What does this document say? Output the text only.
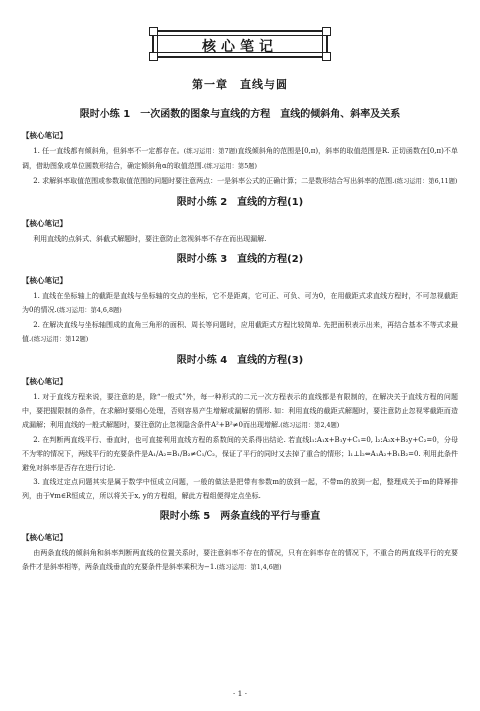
核心笔记
第一章　直线与圆
限时小练 1　一次函数的图象与直线的方程　直线的倾斜角、斜率及关系
【核心笔记】

1. 任一直线都有倾斜角，但斜率不一定都存在。(练习运用：第7题)直线倾斜角的范围是[0,π)，斜率的取值范围是R. 正切函数在[0,π)不单调，借助图象或单位圆数形结合，确定倾斜角α的取值范围.(练习运用：第5题)

2. 求解斜率取值范围或参数取值范围的问题时要注意两点：一是斜率公式的正确计算；二是数形结合写出斜率的范围.(练习运用：第6,11题)

限时小练 2　直线的方程(1)
【核心笔记】

利用直线的点斜式、斜截式解题时，要注意防止忽视斜率不存在而出现漏解.

限时小练 3　直线的方程(2)
【核心笔记】

1. 直线在坐标轴上的截距是直线与坐标轴的交点的坐标，它不是距离，它可正、可负、可为0，在用截距式求直线方程时，不可忽视截距为0的情况.(练习运用：第4,6,8题)

2. 在解决直线与坐标轴围成的直角三角形的面积、周长等问题时，应用截距式方程比较简单. 先把面积表示出来，再结合基本不等式求最值.(练习运用：第12题)

限时小练 4　直线的方程(3)
【核心笔记】

1. 对于直线方程来说，要注意的是，除“一般式”外，每一种形式的二元一次方程表示的直线都是有限制的，在解决关于直线方程的问题中，要把握限制的条件，在求解时要细心处理，否则容易产生增解或漏解的情形. 如：利用直线的截距式解题时，要注意防止忽视零截距而造成漏解；利用直线的一般式解题时，要注意防止忽视隐含条件A²+B²≠0而出现增解.(练习运用：第2,4题)

2. 在判断两直线平行、垂直时，也可直接利用直线方程的系数间的关系得出结论. 若直线l₁:A₁x+B₁y+C₁=0, l₂:A₂x+B₂y+C₂=0，分母不为零的情况下，两线平行的充要条件是A₁/A₂=B₁/B₂≠C₁/C₂，保证了平行的同时又去掉了重合的情形；l₁⊥l₂⇔A₁A₂+B₁B₂=0. 利用此条件避免对斜率是否存在进行讨论.

3. 直线过定点问题其实是属于数学中恒成立问题，一般的做法是把带有参数m的放到一起，不带m的放到一起，整理成关于m的降幂排列，由于∀m∈R恒成立，所以将关于x, y的方程组，解此方程组便得定点坐标.

限时小练 5　两条直线的平行与垂直
【核心笔记】

由两条直线的倾斜角和斜率判断两直线的位置关系时，要注意斜率不存在的情况，只有在斜率存在的情况下，不重合的两直线平行的充要条件才是斜率相等，两条直线垂直的充要条件是斜率乘积为−1.(练习运用：第1,4,6题)

· 1 ·
